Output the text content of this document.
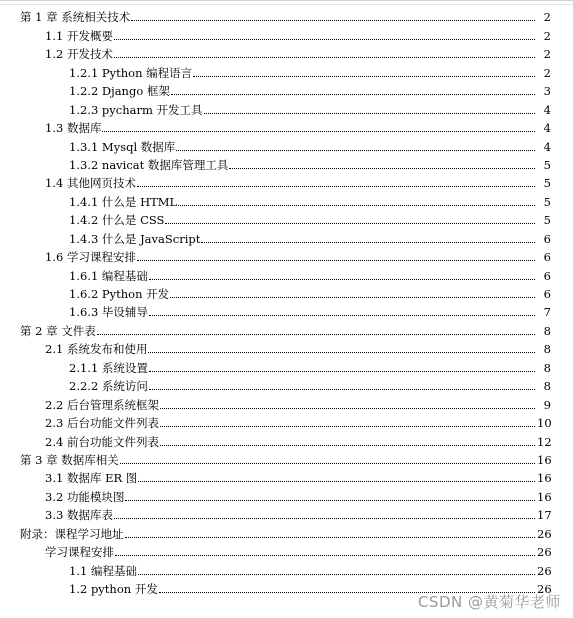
第 1 章 系统相关技术	2
1.1 开发概要	2
1.2 开发技术	2
1.2.1 Python 编程语言	2
1.2.2 Django 框架	3
1.2.3 pycharm 开发工具	4
1.3 数据库	4
1.3.1 Mysql 数据库	4
1.3.2 navicat 数据库管理工具	5
1.4 其他网页技术	5
1.4.1 什么是 HTML	5
1.4.2 什么是 CSS	5
1.4.3 什么是 JavaScript	6
1.6 学习课程安排	6
1.6.1 编程基础	6
1.6.2 Python 开发	6
1.6.3 毕设辅导	7
第 2 章 文件表	8
2.1 系统发布和使用	8
2.1.1 系统设置	8
2.2.2 系统访问	8
2.2 后台管理系统框架	9
2.3 后台功能文件列表	10
2.4 前台功能文件列表	12
第 3 章 数据库相关	16
3.1 数据库 ER 图	16
3.2 功能模块图	16
3.3 数据库表	17
附录：课程学习地址	26
学习课程安排	26
1.1 编程基础	26
1.2 python 开发	26
CSDN @黄菊华老师
